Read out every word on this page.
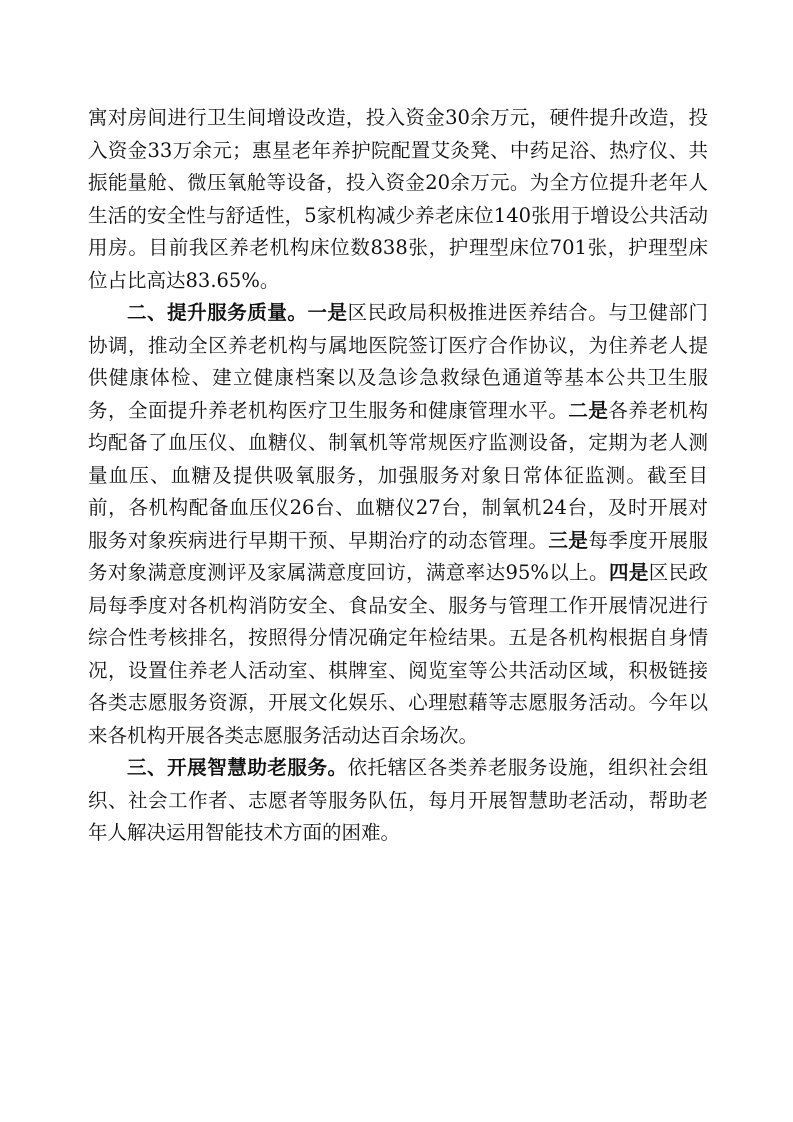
寓对房间进行卫生间增设改造，投入资金30余万元，硬件提升改造，投入资金33万余元；惠星老年养护院配置艾灸凳、中药足浴、热疗仪、共振能量舱、微压氧舱等设备，投入资金20余万元。为全方位提升老年人生活的安全性与舒适性，5家机构减少养老床位140张用于增设公共活动用房。目前我区养老机构床位数838张，护理型床位701张，护理型床位占比高达83.65%。

二、提升服务质量。一是区民政局积极推进医养结合。与卫健部门协调，推动全区养老机构与属地医院签订医疗合作协议，为住养老人提供健康体检、建立健康档案以及急诊急救绿色通道等基本公共卫生服务，全面提升养老机构医疗卫生服务和健康管理水平。二是各养老机构均配备了血压仪、血糖仪、制氧机等常规医疗监测设备，定期为老人测量血压、血糖及提供吸氧服务，加强服务对象日常体征监测。截至目前，各机构配备血压仪26台、血糖仪27台，制氧机24台，及时开展对服务对象疾病进行早期干预、早期治疗的动态管理。三是每季度开展服务对象满意度测评及家属满意度回访，满意率达95%以上。四是区民政局每季度对各机构消防安全、食品安全、服务与管理工作开展情况进行综合性考核排名，按照得分情况确定年检结果。五是各机构根据自身情况，设置住养老人活动室、棋牌室、阅览室等公共活动区域，积极链接各类志愿服务资源，开展文化娱乐、心理慰藉等志愿服务活动。今年以来各机构开展各类志愿服务活动达百余场次。

三、开展智慧助老服务。依托辖区各类养老服务设施，组织社会组织、社会工作者、志愿者等服务队伍，每月开展智慧助老活动，帮助老年人解决运用智能技术方面的困难。
